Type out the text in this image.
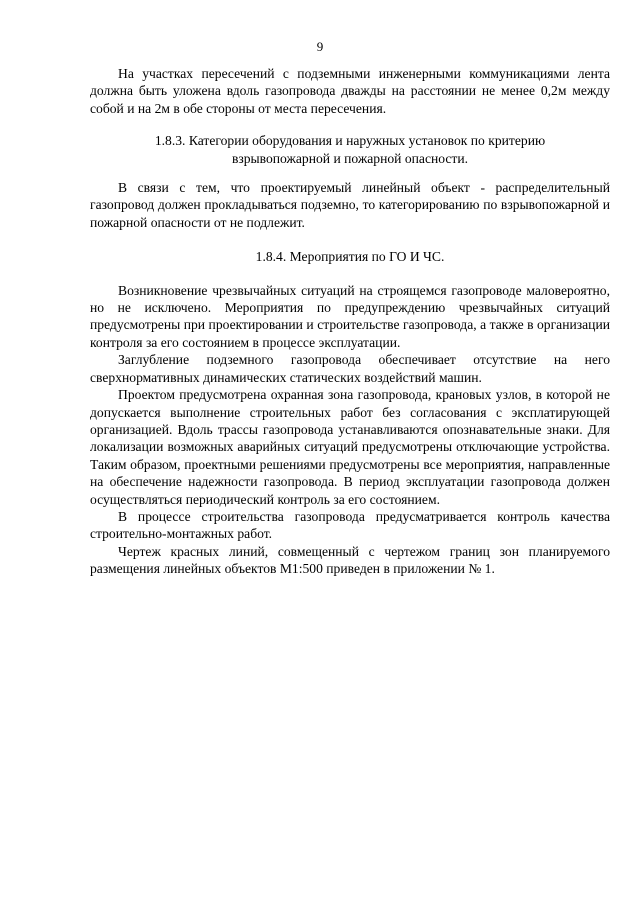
9

На участках пересечений с подземными инженерными коммуникациями лента должна быть уложена вдоль газопровода дважды на расстоянии не менее 0,2м между собой и на 2м в обе стороны от места пересечения.

1.8.3. Категории оборудования и наружных установок по критерию
взрывопожарной и пожарной опасности.

В связи с тем, что проектируемый линейный объект - распределительный газопровод должен прокладываться подземно, то категорированию по взрывопожарной и пожарной опасности от не подлежит.

1.8.4. Мероприятия по ГО И ЧС.

Возникновение чрезвычайных ситуаций на строящемся газопроводе маловероятно, но не исключено. Мероприятия по предупреждению чрезвычайных ситуаций предусмотрены при проектировании и строительстве газопровода, а также в организации контроля за его состоянием в процессе эксплуатации.

Заглубление подземного газопровода обеспечивает отсутствие на него сверхнормативных динамических статических воздействий машин.

Проектом предусмотрена охранная зона газопровода, крановых узлов, в которой не допускается выполнение строительных работ без согласования с эксплатирующей организацией. Вдоль трассы газопровода устанавливаются опознавательные знаки. Для локализации возможных аварийных ситуаций предусмотрены отключающие устройства. Таким образом, проектными решениями предусмотрены все мероприятия, направленные на обеспечение надежности газопровода. В период эксплуатации газопровода должен осуществляться периодический контроль за его состоянием.

В процессе строительства газопровода предусматривается контроль качества строительно-монтажных работ.

Чертеж красных линий, совмещенный с чертежом границ зон планируемого размещения линейных объектов М1:500 приведен в приложении № 1.
